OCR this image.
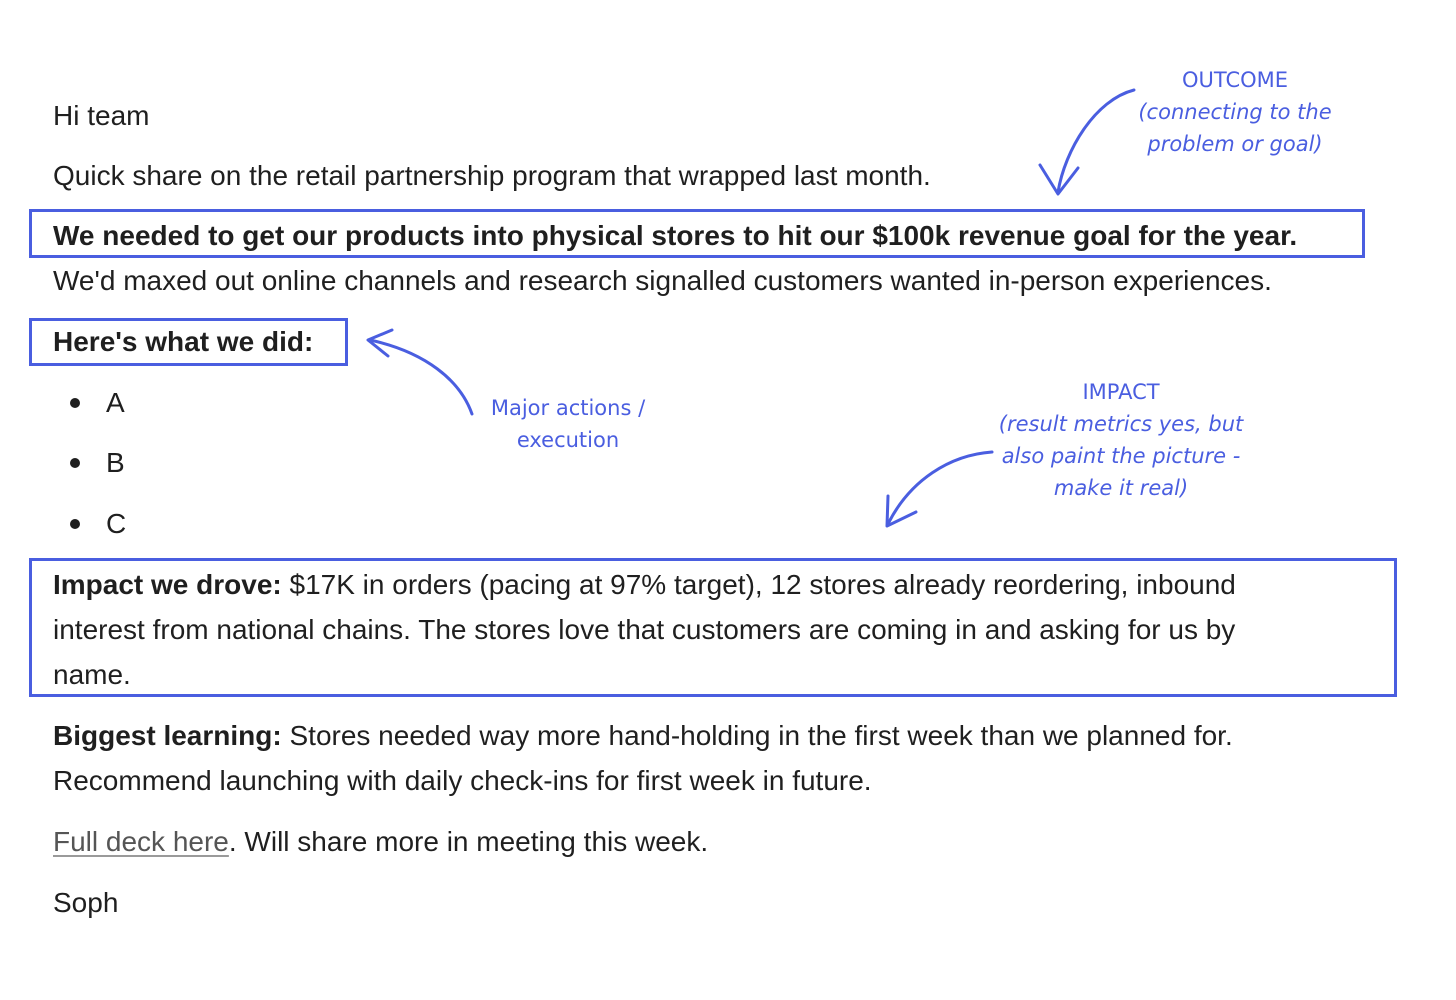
Hi team

Quick share on the retail partnership program that wrapped last month.

We needed to get our products into physical stores to hit our $100k revenue goal for the year.

We'd maxed out online channels and research signalled customers wanted in-person experiences.

Here's what we did:

A
B
C

Impact we drove: $17K in orders (pacing at 97% target), 12 stores already reordering, inbound

interest from national chains. The stores love that customers are coming in and asking for us by

name.

Biggest learning: Stores needed way more hand-holding in the first week than we planned for.

Recommend launching with daily check-ins for first week in future.

Full deck here. Will share more in meeting this week.

Soph

OUTCOME
(connecting to the
problem or goal)
Major actions /
execution
IMPACT
(result metrics yes, but
also paint the picture -
make it real)
